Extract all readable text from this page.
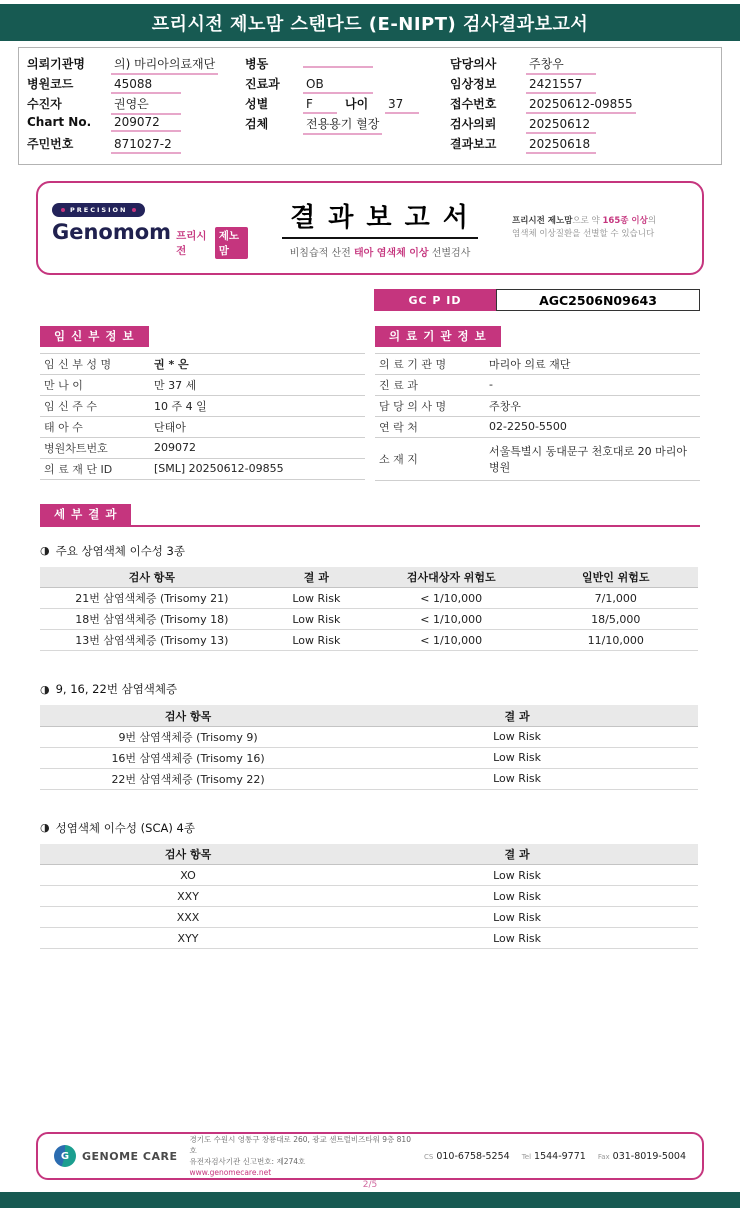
프리시전 제노맘 스탠다드 (E-NIPT) 검사결과보고서
의뢰기관명	의) 마리아의료재단
병원코드	45088
수진자	권영은
Chart No.	209072
주민번호	871027-2
병동
진료과	OB
성별	F	나이	37
검체	전용용기 혈장
담당의사	주창우
임상정보	2421557
접수번호	20250612-09855
검사의뢰	20250612
결과보고	20250618
PRECISION
Genomom 프리시전
제노맘
결 과 보 고 서
비침습적 산전 태아 염색체 이상 선별검사
프리시전 제노맘으로 약 165종 이상의
염색체 이상질환을 선별할 수 있습니다
GC P ID	AGC2506N09643
임 신 부 정 보
임 신 부 성 명	권 * 은
만 나 이	만 37 세
임 신 주 수	10 주 4 일
태 아 수	단태아
병원차트번호	209072
의 료 재 단 ID	[SML] 20250612-09855
의 료 기 관 정 보
의 료 기 관 명	마리아 의료 재단
진 료 과	-
담 당 의 사 명	주창우
연 락 처	02-2250-5500
소 재 지	서울특별시 동대문구 천호대로 20 마리아병원
세 부 결 과
◑ 주요 상염색체 이수성 3종
검사 항목	결 과	검사대상자 위험도	일반인 위험도
21번 삼염색체증 (Trisomy 21)	Low Risk	< 1/10,000	7/1,000
18번 삼염색체증 (Trisomy 18)	Low Risk	< 1/10,000	18/5,000
13번 삼염색체증 (Trisomy 13)	Low Risk	< 1/10,000	11/10,000
◑ 9, 16, 22번 삼염색체증
검사 항목	결 과
9번 삼염색체증 (Trisomy 9)	Low Risk
16번 삼염색체증 (Trisomy 16)	Low Risk
22번 삼염색체증 (Trisomy 22)	Low Risk
◑ 성염색체 이수성 (SCA) 4종
검사 항목	결 과
XO	Low Risk
XXY	Low Risk
XXX	Low Risk
XYY	Low Risk
G	GENOME CARE
경기도 수원시 영통구 창룡대로 260, 광교 센트럴비즈타워 9층 810호
유전자검사기관 신고번호: 제274호
www.genomecare.net
CS 010-6758-5254 Tel 1544-9771 Fax 031-8019-5004
2/5
